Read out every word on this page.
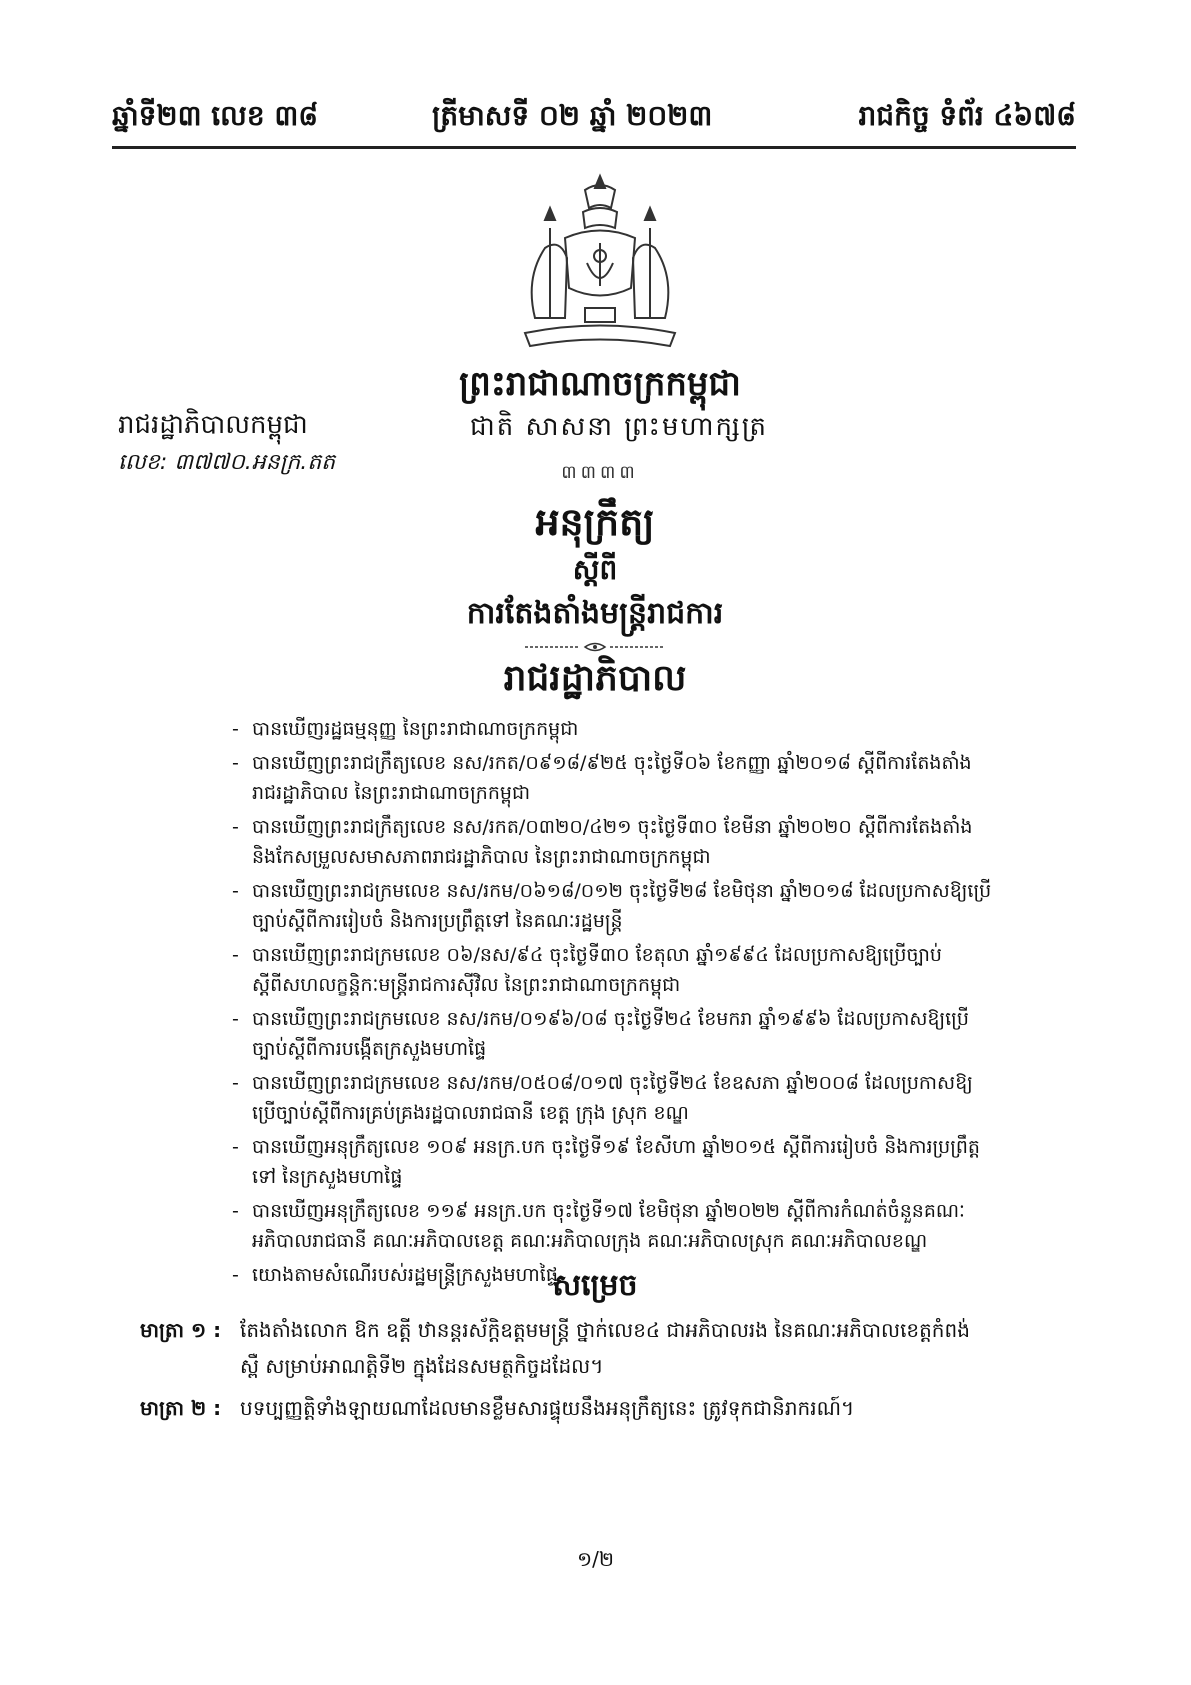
ឆ្នាំទី២៣ លេខ ៣៨	ត្រីមាសទី ០២ ឆ្នាំ ២០២៣	រាជកិច្ច ទំព័រ ៤៦៧៨
ព្រះរាជាណាចក្រកម្ពុជា
រាជរដ្ឋាភិបាលកម្ពុជា	ជាតិ សាសនា ព្រះមហាក្សត្រ
លេខ: ៣៧៧០.អនក្រ.តត	៣៣៣៣
អនុក្រឹត្យ
ស្តីពី
ការតែងតាំងមន្ត្រីរាជការ
រាជរដ្ឋាភិបាល
- បានឃើញរដ្ឋធម្មនុញ្ញ នៃព្រះរាជាណាចក្រកម្ពុជា
- បានឃើញព្រះរាជក្រឹត្យលេខ នស/រកត/០៩១៨/៩២៥ ចុះថ្ងៃទី០៦ ខែកញ្ញា ឆ្នាំ២០១៨ ស្តីពីការតែងតាំងរាជរដ្ឋាភិបាល នៃព្រះរាជាណាចក្រកម្ពុជា
- បានឃើញព្រះរាជក្រឹត្យលេខ នស/រកត/០៣២០/៤២១ ចុះថ្ងៃទី៣០ ខែមីនា ឆ្នាំ២០២០ ស្តីពីការតែងតាំង និងកែសម្រួលសមាសភាពរាជរដ្ឋាភិបាល នៃព្រះរាជាណាចក្រកម្ពុជា
- បានឃើញព្រះរាជក្រមលេខ នស/រកម/០៦១៨/០១២ ចុះថ្ងៃទី២៨ ខែមិថុនា ឆ្នាំ២០១៨ ដែលប្រកាសឱ្យប្រើច្បាប់ស្តីពីការរៀបចំ និងការប្រព្រឹត្តទៅ នៃគណៈរដ្ឋមន្ត្រី
- បានឃើញព្រះរាជក្រមលេខ ០៦/នស/៩៤ ចុះថ្ងៃទី៣០ ខែតុលា ឆ្នាំ១៩៩៤ ដែលប្រកាសឱ្យប្រើច្បាប់ស្តីពីសហលក្ខន្តិកៈមន្ត្រីរាជការស៊ីវិល នៃព្រះរាជាណាចក្រកម្ពុជា
- បានឃើញព្រះរាជក្រមលេខ នស/រកម/០១៩៦/០៨ ចុះថ្ងៃទី២៤ ខែមករា ឆ្នាំ១៩៩៦ ដែលប្រកាសឱ្យប្រើច្បាប់ស្តីពីការបង្កើតក្រសួងមហាផ្ទៃ
- បានឃើញព្រះរាជក្រមលេខ នស/រកម/០៥០៨/០១៧ ចុះថ្ងៃទី២៤ ខែឧសភា ឆ្នាំ២០០៨ ដែលប្រកាសឱ្យប្រើច្បាប់ស្តីពីការគ្រប់គ្រងរដ្ឋបាលរាជធានី ខេត្ត ក្រុង ស្រុក ខណ្ឌ
- បានឃើញអនុក្រឹត្យលេខ ១០៩ អនក្រ.បក ចុះថ្ងៃទី១៩ ខែសីហា ឆ្នាំ២០១៥ ស្តីពីការរៀបចំ និងការប្រព្រឹត្តទៅ នៃក្រសួងមហាផ្ទៃ
- បានឃើញអនុក្រឹត្យលេខ ១១៩ អនក្រ.បក ចុះថ្ងៃទី១៧ ខែមិថុនា ឆ្នាំ២០២២ ស្តីពីការកំណត់ចំនួនគណៈអភិបាលរាជធានី គណៈអភិបាលខេត្ត គណៈអភិបាលក្រុង គណៈអភិបាលស្រុក គណៈអភិបាលខណ្ឌ
- យោងតាមសំណើរបស់រដ្ឋមន្ត្រីក្រសួងមហាផ្ទៃ
សម្រេច
មាត្រា ១ : តែងតាំងលោក ឱក ឧត្តី ឋានន្តរស័ក្តិឧត្តមមន្ត្រី ថ្នាក់លេខ៤ ជាអភិបាលរង នៃគណៈអភិបាលខេត្តកំពង់ស្ពឺ សម្រាប់អាណត្តិទី២ ក្នុងដែនសមត្ថកិច្ចដដែល។
មាត្រា ២ : បទប្បញ្ញត្តិទាំងឡាយណាដែលមានខ្លឹមសារផ្ទុយនឹងអនុក្រឹត្យនេះ ត្រូវទុកជានិរាករណ៍។
១/២
